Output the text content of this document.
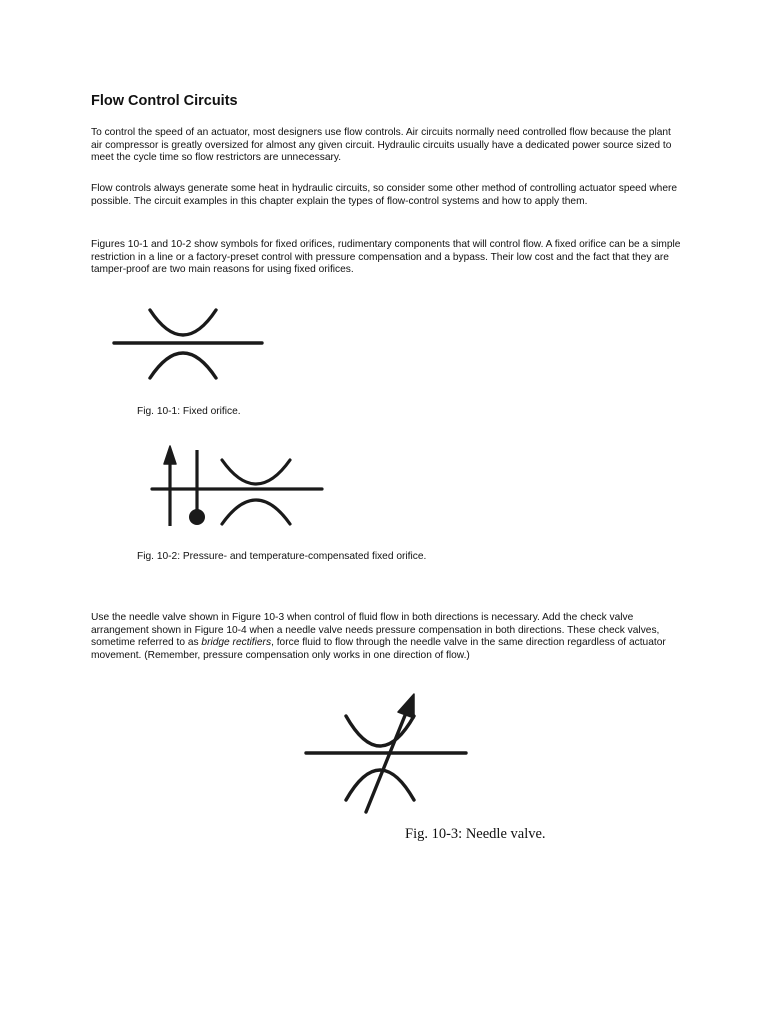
Flow Control Circuits

To control the speed of an actuator, most designers use flow controls. Air circuits normally need controlled flow because the plant air compressor is greatly oversized for almost any given circuit. Hydraulic circuits usually have a dedicated power source sized to meet the cycle time so flow restrictors are unnecessary.

Flow controls always generate some heat in hydraulic circuits, so consider some other method of controlling actuator speed where possible. The circuit examples in this chapter explain the types of flow-control systems and how to apply them.

Figures 10-1 and 10-2 show symbols for fixed orifices, rudimentary components that will control flow. A fixed orifice can be a simple restriction in a line or a factory-preset control with pressure compensation and a bypass. Their low cost and the fact that they are tamper-proof are two main reasons for using fixed orifices.

Fig. 10-1: Fixed orifice.

Fig. 10-2: Pressure- and temperature-compensated fixed orifice.

Use the needle valve shown in Figure 10-3 when control of fluid flow in both directions is necessary. Add the check valve arrangement shown in Figure 10-4 when a needle valve needs pressure compensation in both directions. These check valves, sometime referred to as bridge rectifiers, force fluid to flow through the needle valve in the same direction regardless of actuator movement. (Remember, pressure compensation only works in one direction of flow.)

Fig. 10-3: Needle valve.
